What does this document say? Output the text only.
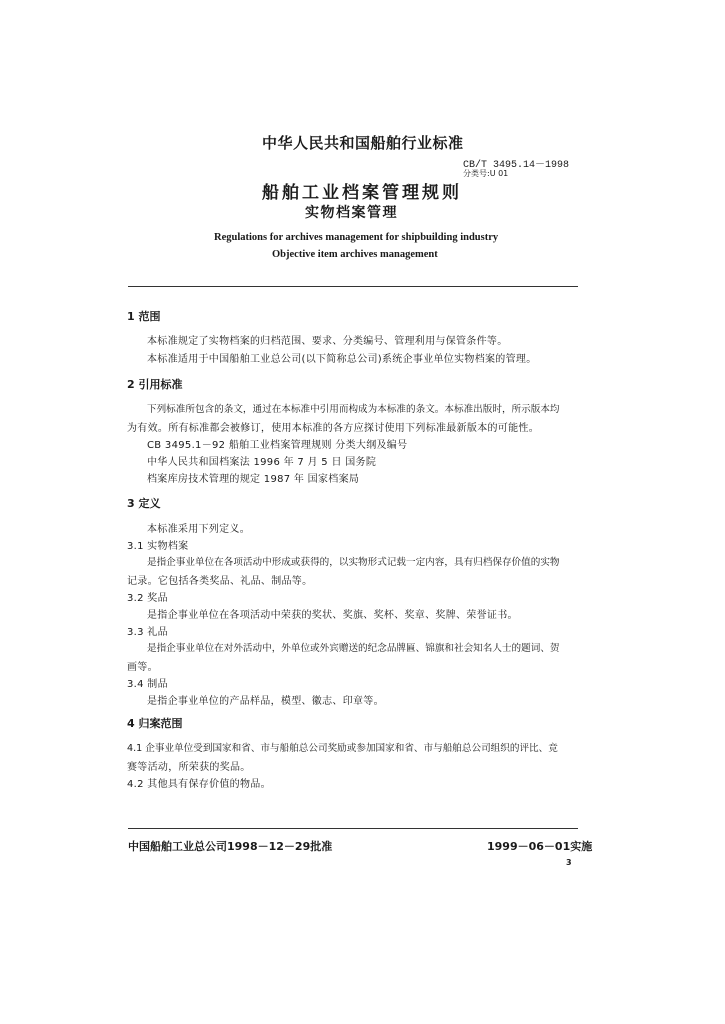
中华人民共和国船舶行业标准
CB/T 3495.14－1998
分类号:U 01
船舶工业档案管理规则
实物档案管理
Regulations for archives management for shipbuilding industry
Objective item archives management
1 范围
本标准规定了实物档案的归档范围、要求、分类编号、管理利用与保管条件等。
本标准适用于中国船舶工业总公司(以下简称总公司)系统企事业单位实物档案的管理。
2 引用标准
下列标准所包含的条文，通过在本标准中引用而构成为本标准的条文。本标准出版时，所示版本均
为有效。所有标准都会被修订，使用本标准的各方应探讨使用下列标准最新版本的可能性。
CB 3495.1－92 船舶工业档案管理规则 分类大纲及编号
中华人民共和国档案法 1996 年 7 月 5 日 国务院
档案库房技术管理的规定 1987 年 国家档案局
3 定义
本标准采用下列定义。
3.1 实物档案
是指企事业单位在各项活动中形成或获得的，以实物形式记载一定内容，具有归档保存价值的实物
记录。它包括各类奖品、礼品、制品等。
3.2 奖品
是指企事业单位在各项活动中荣获的奖状、奖旗、奖杯、奖章、奖牌、荣誉证书。
3.3 礼品
是指企事业单位在对外活动中，外单位或外宾赠送的纪念品牌匾、锦旗和社会知名人士的题词、贺
画等。
3.4 制品
是指企事业单位的产品样品，模型、徽志、印章等。
4 归案范围
4.1 企事业单位受到国家和省、市与船舶总公司奖励或参加国家和省、市与船舶总公司组织的评比、竞
赛等活动，所荣获的奖品。
4.2 其他具有保存价值的物品。
中国船舶工业总公司1998－12－29批准	1999－06－01实施
3
